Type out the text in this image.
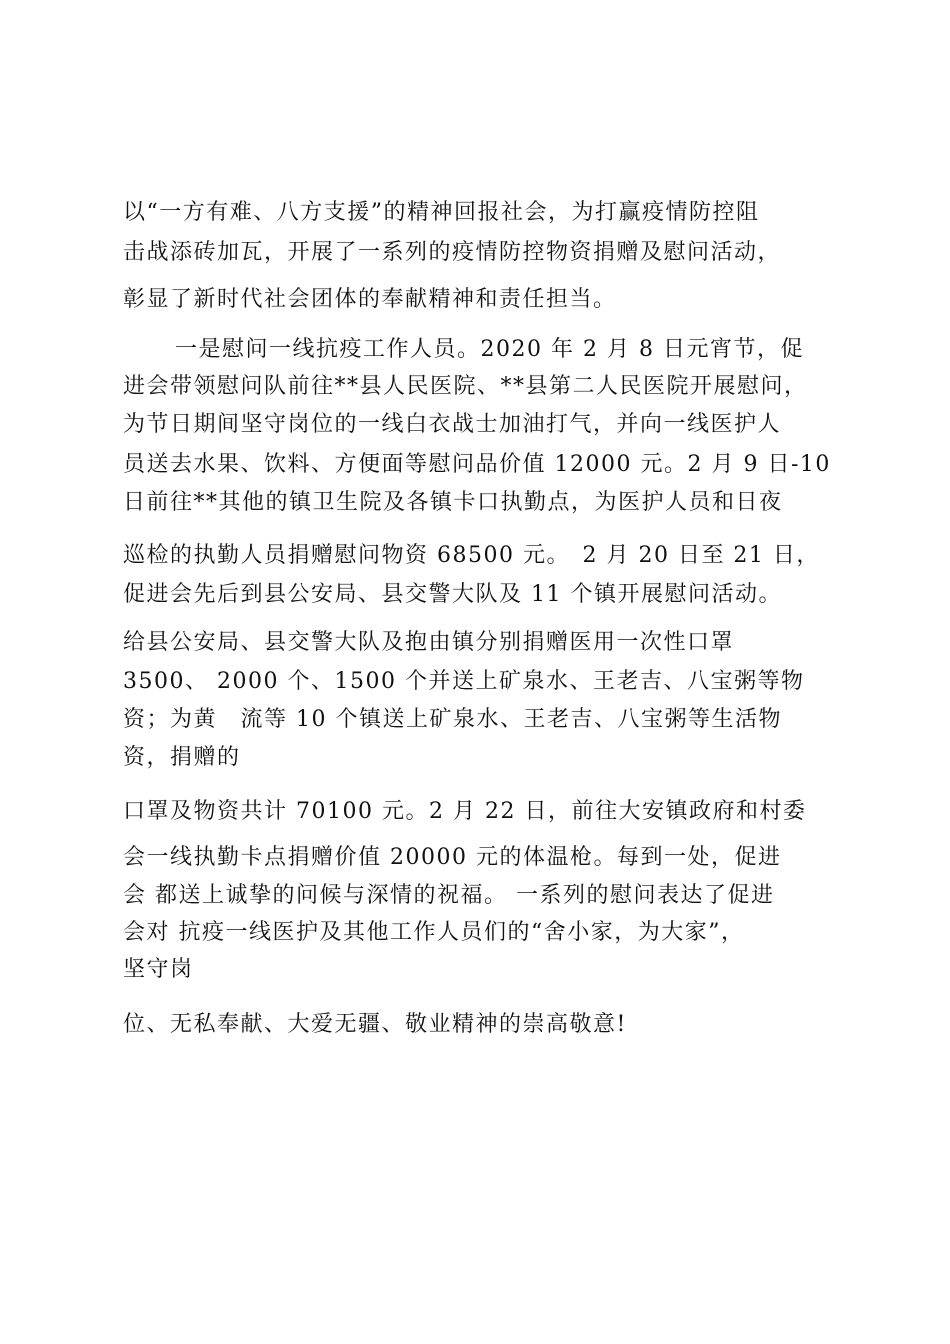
以“一方有难、八方支援”的精神回报社会，为打赢疫情防控阻
击战添砖加瓦，开展了一系列的疫情防控物资捐赠及慰问活动，
彰显了新时代社会团体的奉献精神和责任担当。
一是慰问一线抗疫工作人员。2020 年 2 月 8 日元宵节，促
进会带领慰问队前往**县人民医院、**县第二人民医院开展慰问，
为节日期间坚守岗位的一线白衣战士加油打气，并向一线医护人
员送去水果、饮料、方便面等慰问品价值 12000 元。2 月 9 日-10
日前往**其他的镇卫生院及各镇卡口执勤点，为医护人员和日夜
巡检的执勤人员捐赠慰问物资 68500 元。　2 月 20 日至 21 日，
促进会先后到县公安局、县交警大队及 11 个镇开展慰问活动。
给县公安局、县交警大队及抱由镇分别捐赠医用一次性口罩
3500、 2000 个、1500 个并送上矿泉水、王老吉、八宝粥等物
资；为黄　流等 10 个镇送上矿泉水、王老吉、八宝粥等生活物
资，捐赠的
口罩及物资共计 70100 元。2 月 22 日，前往大安镇政府和村委
会一线执勤卡点捐赠价值 20000 元的体温枪。每到一处，促进
会 都送上诚挚的问候与深情的祝福。 一系列的慰问表达了促进
会对 抗疫一线医护及其他工作人员们的“舍小家，为大家”，
坚守岗
位、无私奉献、大爱无疆、敬业精神的崇高敬意!
